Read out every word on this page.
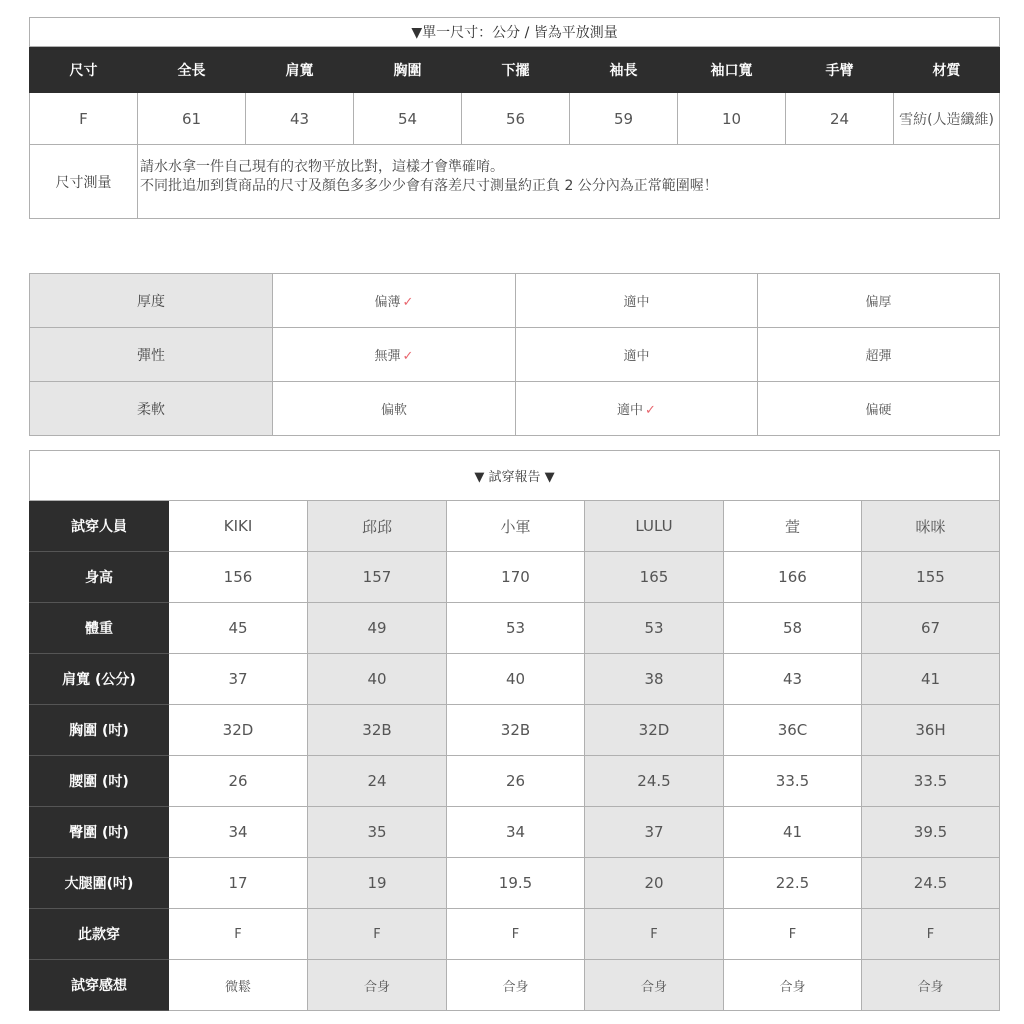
▼單一尺寸：公分 / 皆為平放測量								
尺寸	全長	肩寬	胸圍	下擺	袖長	袖口寬	手臂	材質
F	61	43	54	56	59	10	24	雪紡(人造纖維)
尺寸測量	請水水拿一件自己現有的衣物平放比對，這樣才會準確唷。
不同批追加到貨商品的尺寸及顏色多多少少會有落差尺寸測量約正負 2 公分內為正常範圍喔！							
厚度	偏薄 ✓	適中	偏厚
彈性	無彈 ✓	適中	超彈
柔軟	偏軟	適中 ✓	偏硬
▼ 試穿報告 ▼						
試穿人員	KIKI	邱邱	小軍	LULU	萱	咪咪
身高	156	157	170	165	166	155
體重	45	49	53	53	58	67
肩寬 (公分)	37	40	40	38	43	41
胸圍 (吋)	32D	32B	32B	32D	36C	36H
腰圍 (吋)	26	24	26	24.5	33.5	33.5
臀圍 (吋)	34	35	34	37	41	39.5
大腿圍(吋)	17	19	19.5	20	22.5	24.5
此款穿	F	F	F	F	F	F
試穿感想	微鬆	合身	合身	合身	合身	合身
